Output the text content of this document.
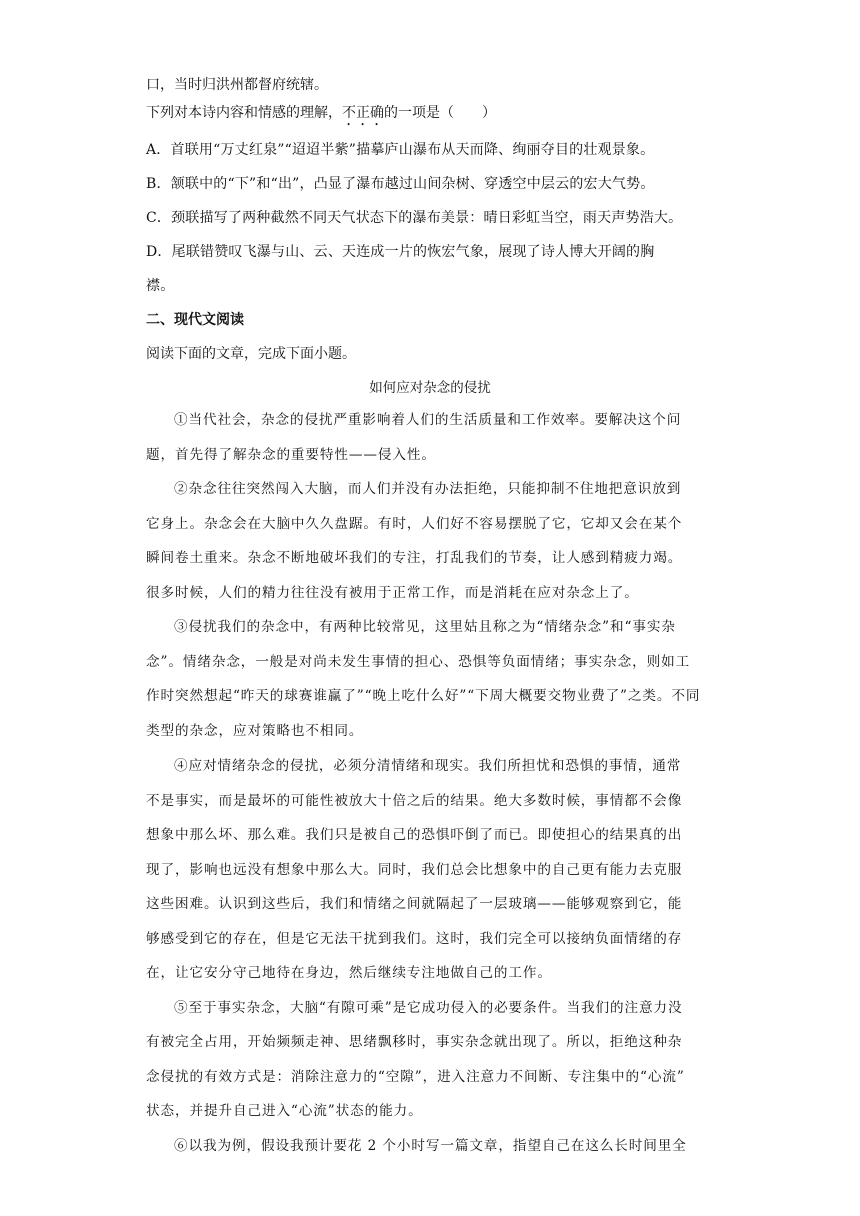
口，当时归洪州都督府统辖。
下列对本诗内容和情感的理解，不正确的一项是（　　）
A．首联用“万丈红泉”“迢迢半紫”描摹庐山瀑布从天而降、绚丽夺目的壮观景象。
B．颔联中的“下”和“出”，凸显了瀑布越过山间杂树、穿透空中层云的宏大气势。
C．颈联描写了两种截然不同天气状态下的瀑布美景：晴日彩虹当空，雨天声势浩大。
D．尾联错赞叹飞瀑与山、云、天连成一片的恢宏气象，展现了诗人博大开阔的胸
襟。
二、现代文阅读
阅读下面的文章，完成下面小题。
如何应对杂念的侵扰
①当代社会，杂念的侵扰严重影响着人们的生活质量和工作效率。要解决这个问
题，首先得了解杂念的重要特性——侵入性。
②杂念往往突然闯入大脑，而人们并没有办法拒绝，只能抑制不住地把意识放到
它身上。杂念会在大脑中久久盘踞。有时，人们好不容易摆脱了它，它却又会在某个
瞬间卷土重来。杂念不断地破坏我们的专注，打乱我们的节奏，让人感到精疲力竭。
很多时候，人们的精力往往没有被用于正常工作，而是消耗在应对杂念上了。
③侵扰我们的杂念中，有两种比较常见，这里姑且称之为“情绪杂念”和“事实杂
念”。情绪杂念，一般是对尚未发生事情的担心、恐惧等负面情绪；事实杂念，则如工
作时突然想起“昨天的球赛谁赢了”“晚上吃什么好”“下周大概要交物业费了”之类。不同
类型的杂念，应对策略也不相同。
④应对情绪杂念的侵扰，必须分清情绪和现实。我们所担忧和恐惧的事情，通常
不是事实，而是最坏的可能性被放大十倍之后的结果。绝大多数时候，事情都不会像
想象中那么坏、那么难。我们只是被自己的恐惧吓倒了而已。即使担心的结果真的出
现了，影响也远没有想象中那么大。同时，我们总会比想象中的自己更有能力去克服
这些困难。认识到这些后，我们和情绪之间就隔起了一层玻璃——能够观察到它，能
够感受到它的存在，但是它无法干扰到我们。这时，我们完全可以接纳负面情绪的存
在，让它安分守己地待在身边，然后继续专注地做自己的工作。
⑤至于事实杂念，大脑“有隙可乘”是它成功侵入的必要条件。当我们的注意力没
有被完全占用，开始频频走神、思绪飘移时，事实杂念就出现了。所以，拒绝这种杂
念侵扰的有效方式是：消除注意力的“空隙”，进入注意力不间断、专注集中的“心流”
状态，并提升自己进入“心流”状态的能力。
⑥以我为例，假设我预计要花 2 个小时写一篇文章，指望自己在这么长时间里全
